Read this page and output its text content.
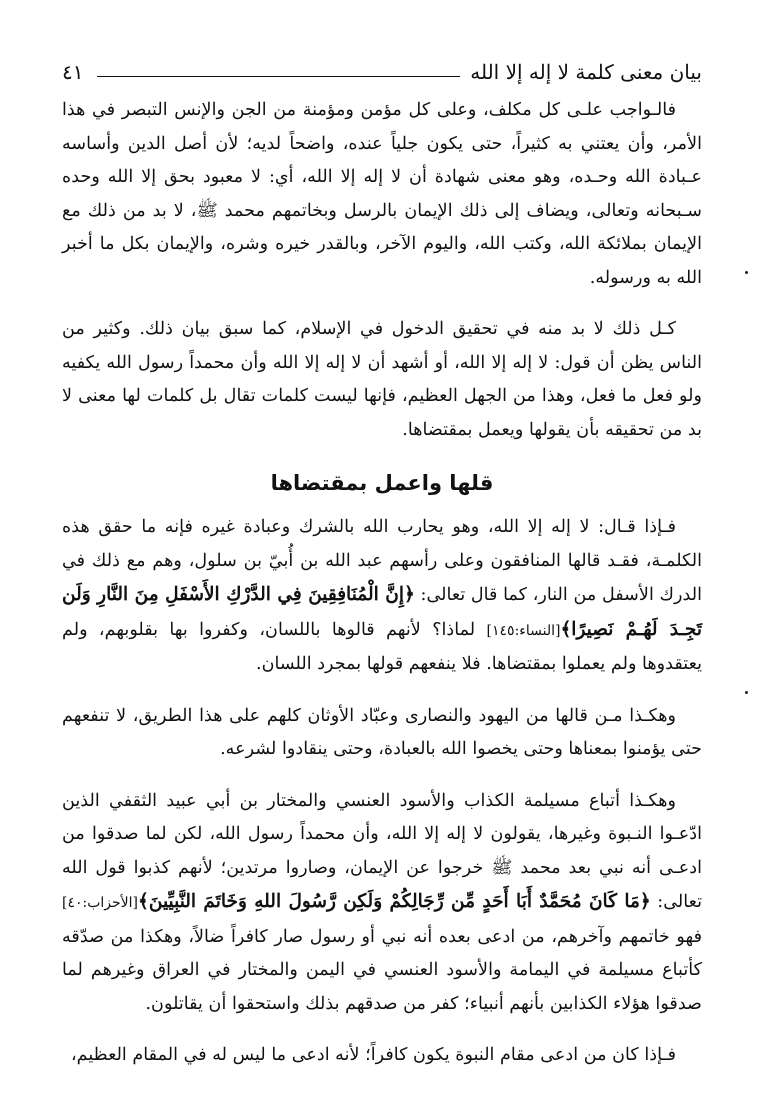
بيان معنى كلمة لا إله إلا الله
٤١

فالـواجب علـى كل مكلف، وعلى كل مؤمن ومؤمنة من الجن والإنس التبصر في هذا الأمر، وأن يعتني به كثيراً، حتى يكون جلياً عنده، واضحاً لديه؛ لأن أصل الدين وأساسه عـبادة الله وحـده، وهو معنى شهادة أن لا إله إلا الله، أي: لا معبود بحق إلا الله وحده سـبحانه وتعالى، ويضاف إلى ذلك الإيمان بالرسل وبخاتمهم محمد ﷺ، لا بد من ذلك مع الإيمان بملائكة الله، وكتب الله، واليوم الآخر، وبالقدر خيره وشره، والإيمان بكل ما أخبر الله به ورسوله.

كـل ذلك لا بد منه في تحقيق الدخول في الإسلام، كما سبق بيان ذلك. وكثير من الناس يظن أن قول: لا إله إلا الله، أو أشهد أن لا إله إلا الله وأن محمداً رسول الله يكفيه ولو فعل ما فعل، وهذا من الجهل العظيم، فإنها ليست كلمات تقال بل كلمات لها معنى لا بد من تحقيقه بأن يقولها ويعمل بمقتضاها.

قلها واعمل بمقتضاها

فـإذا قـال: لا إله إلا الله، وهو يحارب الله بالشرك وعبادة غيره فإنه ما حقق هذه الكلمـة، فقـد قالها المنافقون وعلى رأسهم عبد الله بن أُبيّ بن سلول، وهم مع ذلك في الدرك الأسفل من النار، كما قال تعالى: ﴿إِنَّ الْمُنَافِقِينَ فِي الدَّرْكِ الأَسْفَلِ مِنَ النَّارِ وَلَن تَجِـدَ لَهُـمْ نَصِيرًا﴾[النساء:١٤٥] لماذا؟ لأنهم قالوها باللسان، وكفروا بها بقلوبهم، ولم يعتقدوها ولم يعملوا بمقتضاها. فلا ينفعهم قولها بمجرد اللسان.

وهكـذا مـن قالها من اليهود والنصارى وعبّاد الأوثان كلهم على هذا الطريق، لا تنفعهم حتى يؤمنوا بمعناها وحتى يخصوا الله بالعبادة، وحتى ينقادوا لشرعه.

وهكـذا أتباع مسيلمة الكذاب والأسود العنسي والمختار بن أبي عبيد الثقفي الذين ادّعـوا النـبوة وغيرها، يقولون لا إله إلا الله، وأن محمداً رسول الله، لكن لما صدقوا من ادعـى أنه نبي بعد محمد ﷺ خرجوا عن الإيمان، وصاروا مرتدين؛ لأنهم كذبوا قول الله تعالى: ﴿مَا كَانَ مُحَمَّدٌ أَبَا أَحَدٍ مِّن رِّجَالِكُمْ وَلَكِن رَّسُولَ اللهِ وَخَاتَمَ النَّبِيِّينَ﴾[الأحزاب:٤٠] فهو خاتمهم وآخرهم، من ادعى بعده أنه نبي أو رسول صار كافراً ضالاً، وهكذا من صدّقه كأتباع مسيلمة في اليمامة والأسود العنسي في اليمن والمختار في العراق وغيرهم لما صدقوا هؤلاء الكذابين بأنهم أنبياء؛ كفر من صدقهم بذلك واستحقوا أن يقاتلون.

فـإذا كان من ادعى مقام النبوة يكون كافراً؛ لأنه ادعى ما ليس له في المقام العظيم،
